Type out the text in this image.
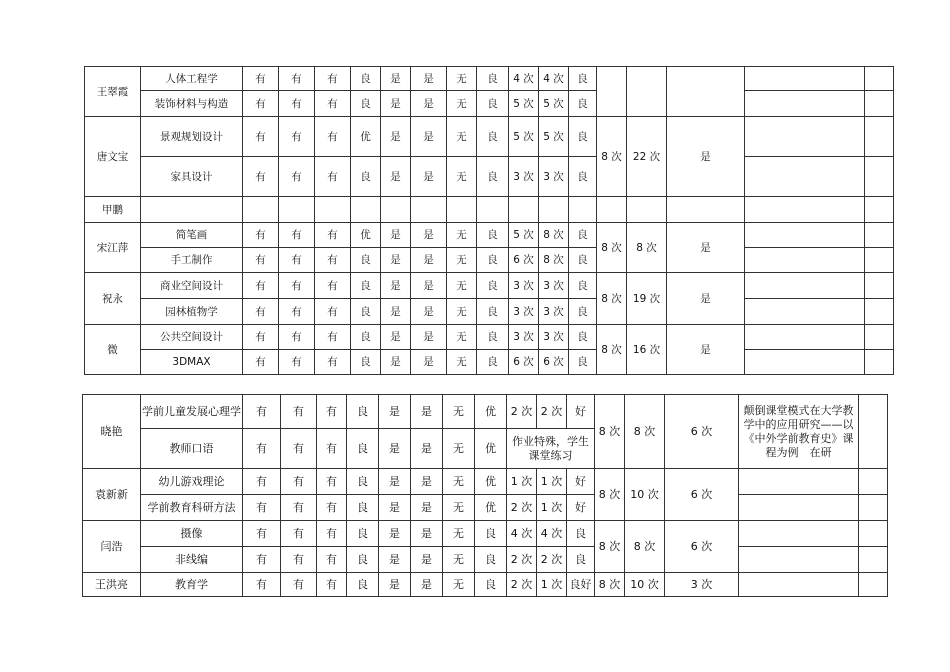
王翠霞	人体工程学	有	有	有	良	是	是	无	良	4 次	4 次	良					
	装饰材料与构造	有	有	有	良	是	是	无	良	5 次	5 次	良					
唐文宝	景观规划设计	有	有	有	优	是	是	无	良	5 次	5 次	良	8 次	22 次	是		
	家具设计	有	有	有	良	是	是	无	良	3 次	3 次	良					
甲鹏																	
宋江萍	简笔画	有	有	有	优	是	是	无	良	5 次	8 次	良	8 次	8 次	是		
	手工制作	有	有	有	良	是	是	无	良	6 次	8 次	良					
祝永	商业空间设计	有	有	有	良	是	是	无	良	3 次	3 次	良	8 次	19 次	是		
	园林植物学	有	有	有	良	是	是	无	良	3 次	3 次	良					
微	公共空间设计	有	有	有	良	是	是	无	良	3 次	3 次	良	8 次	16 次	是		
	3DMAX	有	有	有	良	是	是	无	良	6 次	6 次	良					
晓艳	学前儿童发展心理学	有	有	有	良	是	是	无	优	2 次	2 次	好	8 次	8 次	6 次	颠倒课堂模式在大学教学中的应用研究——以《中外学前教育史》课程为例　在研	
	教师口语	有	有	有	良	是	是	无	优	作业特殊，学生课堂练习							
袁新新	幼儿游戏理论	有	有	有	良	是	是	无	优	1 次	1 次	好	8 次	10 次	6 次		
	学前教育科研方法	有	有	有	良	是	是	无	优	2 次	1 次	好					
闫浩	摄像	有	有	有	良	是	是	无	良	4 次	4 次	良	8 次	8 次	6 次		
	非线编	有	有	有	良	是	是	无	良	2 次	2 次	良					
王洪亮	教育学	有	有	有	良	是	是	无	良	2 次	1 次	良好	8 次	10 次	3 次		
